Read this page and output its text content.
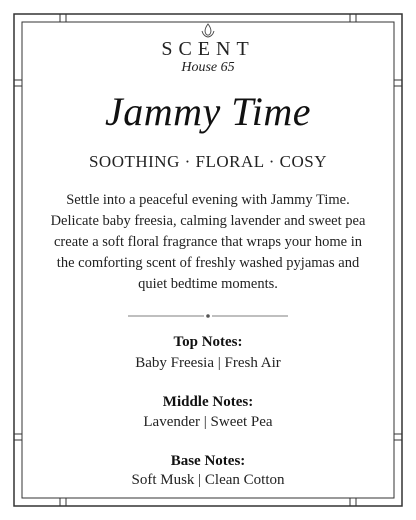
SCENT
House 65
Jammy Time
SOOTHING · FLORAL · COSY
Settle into a peaceful evening with Jammy Time. Delicate baby freesia, calming lavender and sweet pea create a soft floral fragrance that wraps your home in the comforting scent of freshly washed pyjamas and quiet bedtime moments.
Top Notes:
Baby Freesia | Fresh Air
Middle Notes:
Lavender | Sweet Pea
Base Notes:
Soft Musk | Clean Cotton
